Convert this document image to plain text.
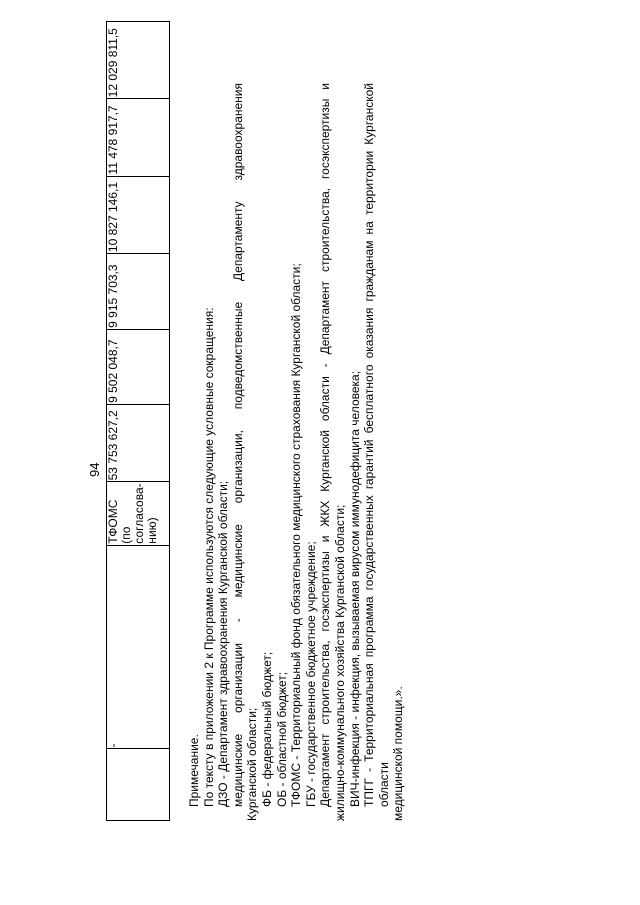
94
	-	ТФОМС (по согласова-нию)	53 753 627,2	9 502 048,7	9 915 703,3	10 827 146,1	11 478 917,7	12 029 811,5
Примечание. По тексту в приложении 2 к Программе используются следующие условные сокращения: ДЗО - Департамент здравоохранения Курганской области; медицинские организации - медицинские организации, подведомственные Департаменту здравоохранения Курганской области; ФБ - федеральный бюджет; ОБ - областной бюджет; ТФОМС - Территориальный фонд обязательного медицинского страхования Курганской области; ГБУ - государственное бюджетное учреждение; Департамент строительства, госэкспертизы и ЖКХ Курганской области - Департамент строительства, госэкспертизы и жилищно-коммунального хозяйства Курганской области; ВИЧ-инфекция - инфекция, вызываемая вирусом иммунодефицита человека; ТПГГ - Территориальная программа государственных гарантий бесплатного оказания гражданам на территории Курганской области медицинской помощи.».
